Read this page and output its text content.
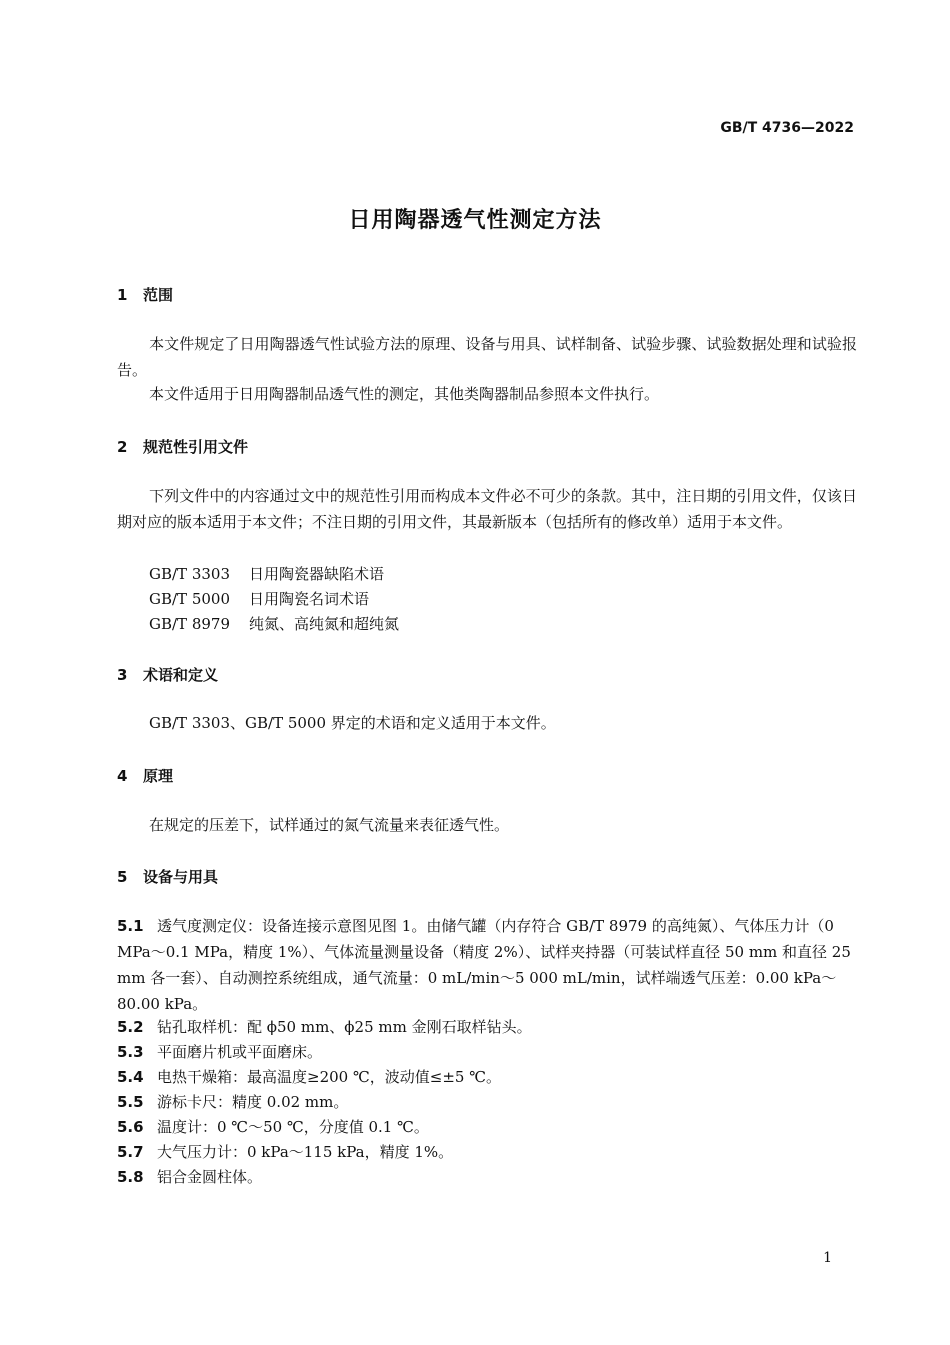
GB/T 4736—2022
日用陶器透气性测定方法
1 范围
本文件规定了日用陶器透气性试验方法的原理、设备与用具、试样制备、试验步骤、试验数据处理和试验报告。
本文件适用于日用陶器制品透气性的测定，其他类陶器制品参照本文件执行。
2 规范性引用文件
下列文件中的内容通过文中的规范性引用而构成本文件必不可少的条款。其中，注日期的引用文件，仅该日期对应的版本适用于本文件；不注日期的引用文件，其最新版本（包括所有的修改单）适用于本文件。
GB/T 3303 日用陶瓷器缺陷术语
GB/T 5000 日用陶瓷名词术语
GB/T 8979 纯氮、高纯氮和超纯氮
3 术语和定义
GB/T 3303、GB/T 5000 界定的术语和定义适用于本文件。
4 原理
在规定的压差下，试样通过的氮气流量来表征透气性。
5 设备与用具
5.1 透气度测定仪：设备连接示意图见图 1。由储气罐（内存符合 GB/T 8979 的高纯氮）、气体压力计（0 MPa～0.1 MPa，精度 1%）、气体流量测量设备（精度 2%）、试样夹持器（可装试样直径 50 mm 和直径 25 mm 各一套）、自动测控系统组成，通气流量：0 mL/min～5 000 mL/min，试样端透气压差：0.00 kPa～80.00 kPa。
5.2 钻孔取样机：配 ϕ50 mm、ϕ25 mm 金刚石取样钻头。
5.3 平面磨片机或平面磨床。
5.4 电热干燥箱：最高温度≥200 ℃，波动值≤±5 ℃。
5.5 游标卡尺：精度 0.02 mm。
5.6 温度计：0 ℃～50 ℃，分度值 0.1 ℃。
5.7 大气压力计：0 kPa～115 kPa，精度 1%。
5.8 铝合金圆柱体。
1
